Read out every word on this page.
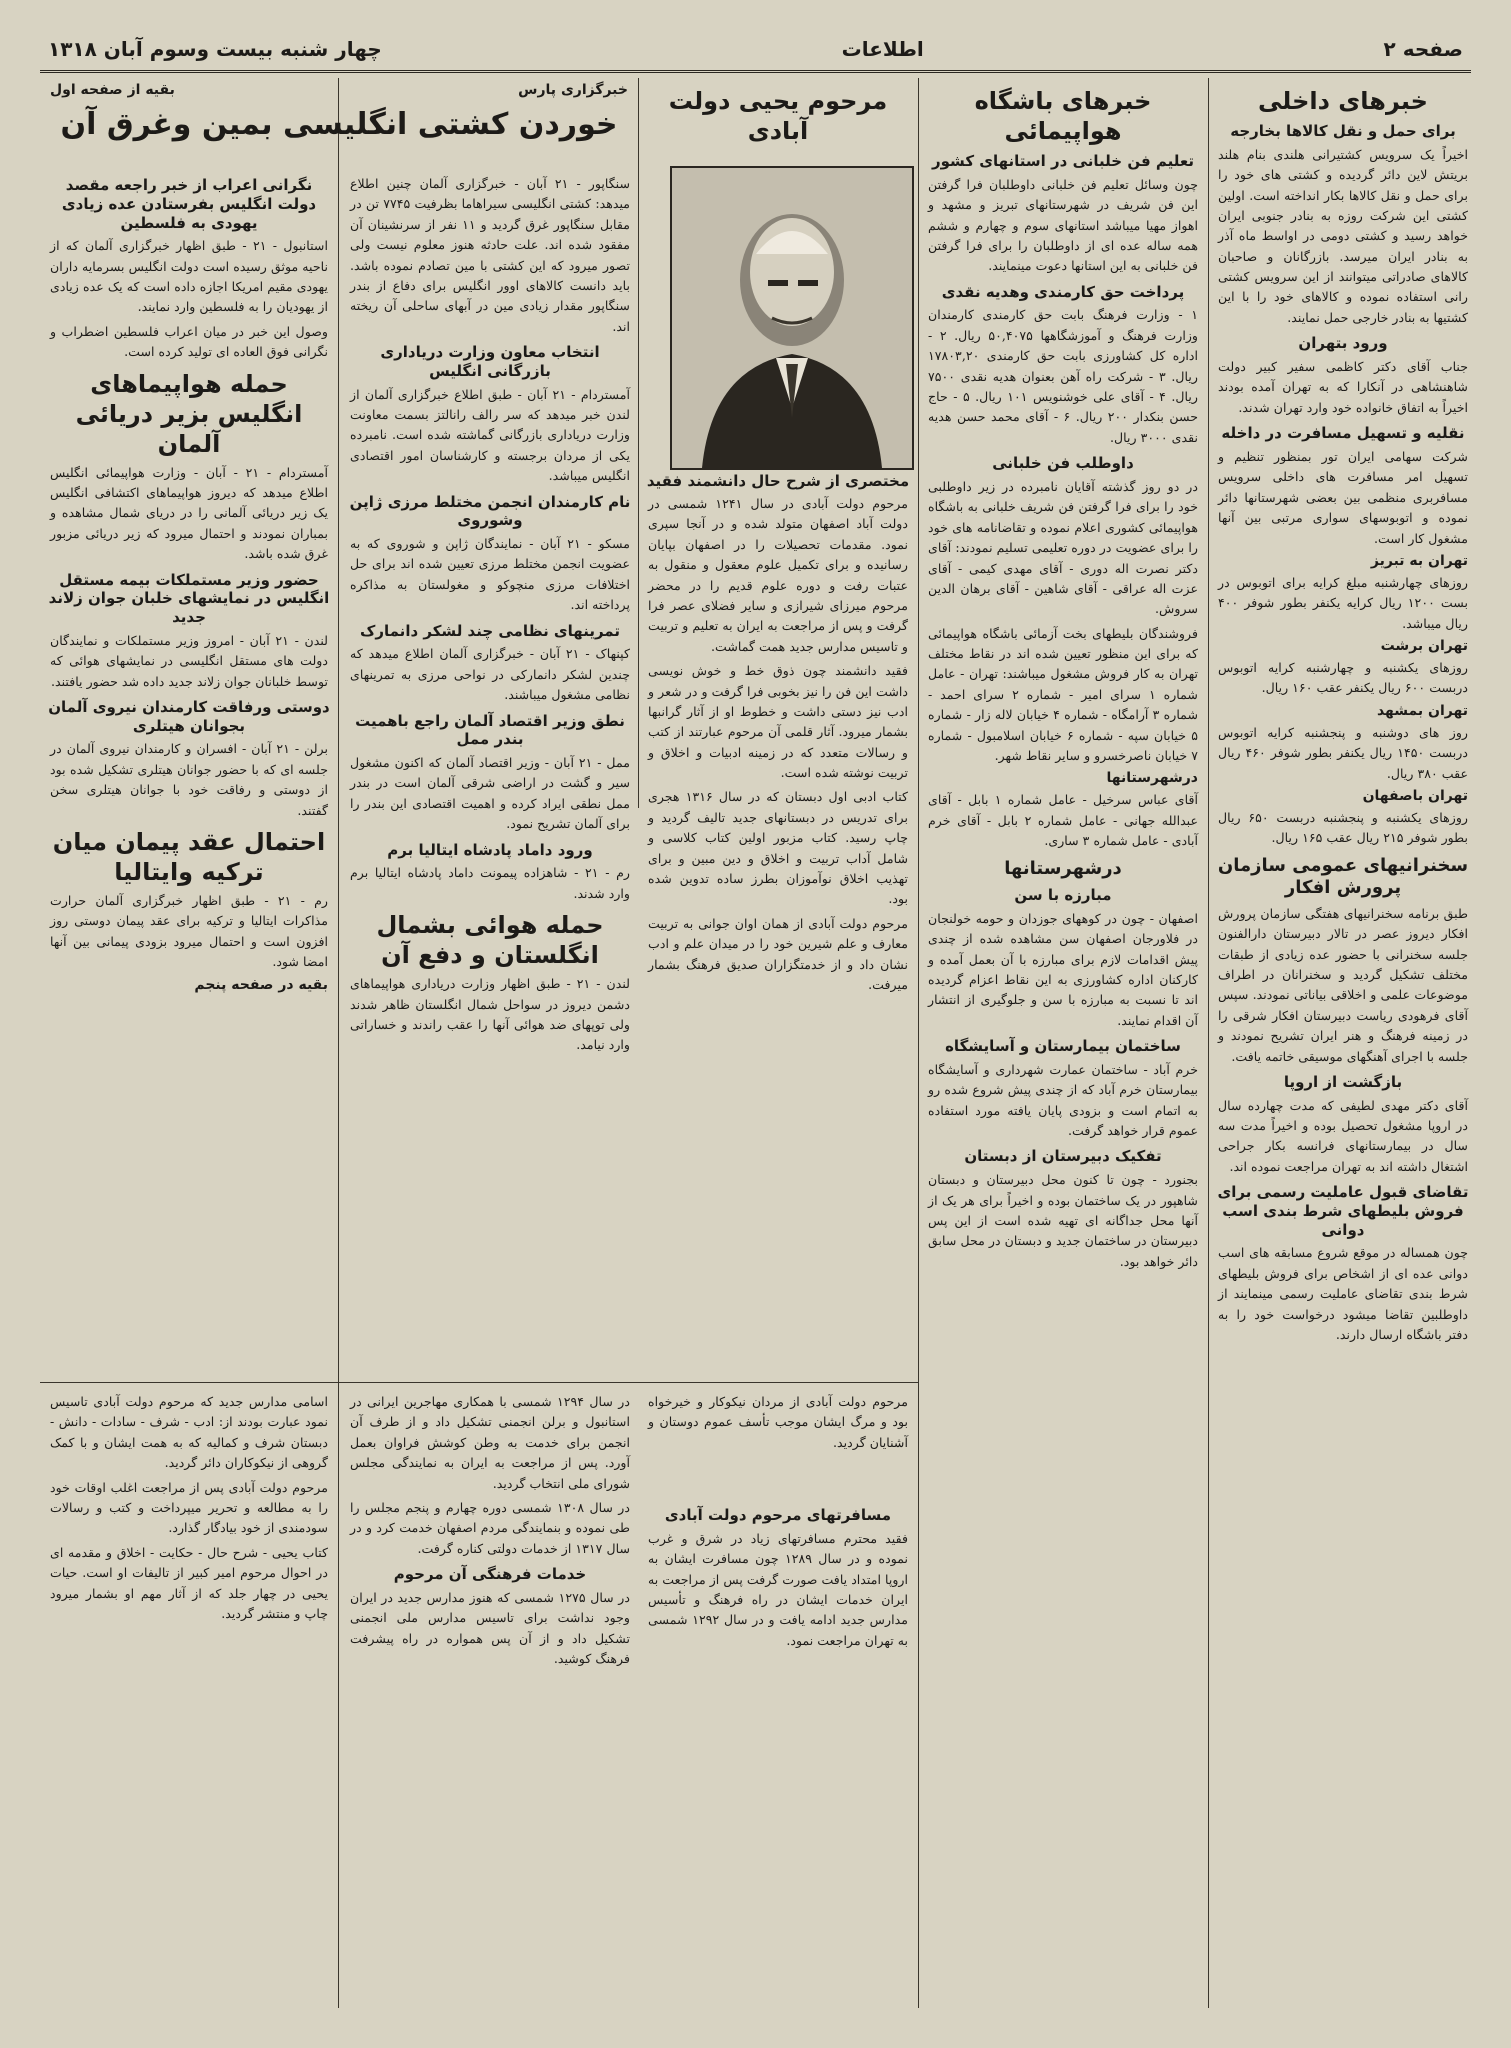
صفحه ۲
اطلاعات
چهار شنبه بیست وسوم آبان ۱۳۱۸
خبرهای داخلی
برای حمل و نقل کالاها بخارجه
اخیراً یک سرویس کشتیرانی هلندی بنام هلند بریتش لاین دائر گردیده و کشتی های خود را برای حمل و نقل کالاها بکار انداخته است. اولین کشتی این شرکت روزه به بنادر جنوبی ایران خواهد رسید و کشتی دومی در اواسط ماه آذر به بنادر ایران میرسد. بازرگانان و صاحبان کالاهای صادراتی میتوانند از این سرویس کشتی رانی استفاده نموده و کالاهای خود را با این کشتیها به بنادر خارجی حمل نمایند.
ورود بتهران
جناب آقای دکتر کاظمی سفیر کبیر دولت شاهنشاهی در آنکارا که به تهران آمده بودند اخیراً به اتفاق خانواده خود وارد تهران شدند.
نقلیه و تسهیل مسافرت در داخله
شرکت سهامی ایران تور بمنظور تنظیم و تسهیل امر مسافرت های داخلی سرویس مسافربری منظمی بین بعضی شهرستانها دائر نموده و اتوبوسهای سواری مرتبی بین آنها مشغول کار است.
تهران به تبریز
روزهای چهارشنبه مبلغ کرایه برای اتوبوس در بست ۱۲۰۰ ریال کرایه یکنفر بطور شوفر ۴۰۰ ریال میباشد.
تهران برشت
روزهای یکشنبه و چهارشنبه کرایه اتوبوس دربست ۶۰۰ ریال یکنفر عقب ۱۶۰ ریال.
تهران بمشهد
روز های دوشنبه و پنجشنبه کرایه اتوبوس دربست ۱۴۵۰ ریال یکنفر بطور شوفر ۴۶۰ ریال عقب ۳۸۰ ریال.
تهران باصفهان
روزهای یکشنبه و پنجشنبه دربست ۶۵۰ ریال بطور شوفر ۲۱۵ ریال عقب ۱۶۵ ریال.
سخنرانیهای عمومی سازمان پرورش افکار
طبق برنامه سخنرانیهای هفتگی سازمان پرورش افکار دیروز عصر در تالار دبیرستان دارالفنون جلسه سخنرانی با حضور عده زیادی از طبقات مختلف تشکیل گردید و سخنرانان در اطراف موضوعات علمی و اخلاقی بیاناتی نمودند. سپس آقای فرهودی ریاست دبیرستان افکار شرقی را در زمینه فرهنگ و هنر ایران تشریح نمودند و جلسه با اجرای آهنگهای موسیقی خاتمه یافت.
بازگشت از اروپا
آقای دکتر مهدی لطیفی که مدت چهارده سال در اروپا مشغول تحصیل بوده و اخیراً مدت سه سال در بیمارستانهای فرانسه بکار جراحی اشتغال داشته اند به تهران مراجعت نموده اند.
تقاضای قبول عاملیت رسمی برای فروش بلیطهای شرط بندی اسب دوانی
چون همساله در موقع شروع مسابقه های اسب دوانی عده ای از اشخاص برای فروش بلیطهای شرط بندی تقاضای عاملیت رسمی مینمایند از داوطلبین تقاضا میشود درخواست خود را به دفتر باشگاه ارسال دارند.
خبرهای باشگاه هواپیمائی
تعلیم فن خلبانی در استانهای کشور
چون وسائل تعلیم فن خلبانی داوطلبان فرا گرفتن این فن شریف در شهرستانهای تبریز و مشهد و اهواز مهیا میباشد استانهای سوم و چهارم و ششم همه ساله عده ای از داوطلبان را برای فرا گرفتن فن خلبانی به این استانها دعوت مینمایند.
پرداخت حق کارمندی وهدیه نقدی
۱ - وزارت فرهنگ بابت حق کارمندی کارمندان وزارت فرهنگ و آموزشگاهها ۵۰,۴۰۷۵ ریال. ۲ - اداره کل کشاورزی بابت حق کارمندی ۱۷۸۰۳,۲۰ ریال. ۳ - شرکت راه آهن بعنوان هدیه نقدی ۷۵۰۰ ریال. ۴ - آقای علی خوشنویس ۱۰۱ ریال. ۵ - حاج حسن بنکدار ۲۰۰ ریال. ۶ - آقای محمد حسن هدیه نقدی ۳۰۰۰ ریال.
داوطلب فن خلبانی
در دو روز گذشته آقایان نامبرده در زیر داوطلبی خود را برای فرا گرفتن فن شریف خلبانی به باشگاه هواپیمائی کشوری اعلام نموده و تقاضانامه های خود را برای عضویت در دوره تعلیمی تسلیم نمودند: آقای دکتر نصرت اله دوری - آقای مهدی کیمی - آقای عزت اله عراقی - آقای شاهین - آقای برهان الدین سروش.
فروشندگان بلیطهای بخت آزمائی باشگاه هواپیمائی که برای این منظور تعیین شده اند در نقاط مختلف تهران به کار فروش مشغول میباشند: تهران - عامل شماره ۱ سرای امیر - شماره ۲ سرای احمد - شماره ۳ آرامگاه - شماره ۴ خیابان لاله زار - شماره ۵ خیابان سپه - شماره ۶ خیابان اسلامبول - شماره ۷ خیابان ناصرخسرو و سایر نقاط شهر.
درشهرستانها
آقای عباس سرخیل - عامل شماره ۱ بابل - آقای عبدالله جهانی - عامل شماره ۲ بابل - آقای خرم آبادی - عامل شماره ۳ ساری.
درشهرستانها
مبارزه با سن
اصفهان - چون در کوههای جوزدان و حومه خولنجان در فلاورجان اصفهان سن مشاهده شده از چندی پیش اقدامات لازم برای مبارزه با آن بعمل آمده و کارکنان اداره کشاورزی به این نقاط اعزام گردیده اند تا نسبت به مبارزه با سن و جلوگیری از انتشار آن اقدام نمایند.
ساختمان بیمارستان و آسایشگاه
خرم آباد - ساختمان عمارت شهرداری و آسایشگاه بیمارستان خرم آباد که از چندی پیش شروع شده رو به اتمام است و بزودی پایان یافته مورد استفاده عموم قرار خواهد گرفت.
تفکیک دبیرستان از دبستان
بجنورد - چون تا کنون محل دبیرستان و دبستان شاهپور در یک ساختمان بوده و اخیراً برای هر یک از آنها محل جداگانه ای تهیه شده است از این پس دبیرستان در ساختمان جدید و دبستان در محل سابق دائر خواهد بود.
مرحوم یحیی دولت آبادی
مختصری از شرح حال دانشمند فقید
مرحوم دولت آبادی در سال ۱۲۴۱ شمسی در دولت آباد اصفهان متولد شده و در آنجا سپری نمود. مقدمات تحصیلات را در اصفهان بپایان رسانیده و برای تکمیل علوم معقول و منقول به عتبات رفت و دوره علوم قدیم را در محضر مرحوم میرزای شیرازی و سایر فضلای عصر فرا گرفت و پس از مراجعت به ایران به تعلیم و تربیت و تاسیس مدارس جدید همت گماشت.
فقید دانشمند چون ذوق خط و خوش نویسی داشت این فن را نیز بخوبی فرا گرفت و در شعر و ادب نیز دستی داشت و خطوط او از آثار گرانبها بشمار میرود. آثار قلمی آن مرحوم عبارتند از کتب و رسالات متعدد که در زمینه ادبیات و اخلاق و تربیت نوشته شده است.
کتاب ادبی اول دبستان که در سال ۱۳۱۶ هجری برای تدریس در دبستانهای جدید تالیف گردید و چاپ رسید. کتاب مزبور اولین کتاب کلاسی و شامل آداب تربیت و اخلاق و دین مبین و برای تهذیب اخلاق نوآموزان بطرز ساده تدوین شده بود.
مرحوم دولت آبادی از همان اوان جوانی به تربیت معارف و علم شیرین خود را در میدان علم و ادب نشان داد و از خدمتگزاران صدیق فرهنگ بشمار میرفت.
مسافرتهای مرحوم دولت آبادی
فقید محترم مسافرتهای زیاد در شرق و غرب نموده و در سال ۱۲۸۹ چون مسافرت ایشان به اروپا امتداد یافت صورت گرفت پس از مراجعت به ایران خدمات ایشان در راه فرهنگ و تأسیس مدارس جدید ادامه یافت و در سال ۱۲۹۲ شمسی به تهران مراجعت نمود.
خبرگزاری پارس
بقیه از صفحه اول
خوردن کشتی انگلیسی بمین وغرق آن
سنگاپور - ۲۱ آبان - خبرگزاری آلمان چنین اطلاع میدهد: کشتی انگلیسی سیراهاما بظرفیت ۷۷۴۵ تن در مقابل سنگاپور غرق گردید و ۱۱ نفر از سرنشینان آن مفقود شده اند. علت حادثه هنوز معلوم نیست ولی تصور میرود که این کشتی با مین تصادم نموده باشد. باید دانست کالاهای اوور انگلیس برای دفاع از بندر سنگاپور مقدار زیادی مین در آبهای ساحلی آن ریخته اند.
انتخاب معاون وزارت دریاداری بازرگانی انگلیس
آمستردام - ۲۱ آبان - طبق اطلاع خبرگزاری آلمان از لندن خبر میدهد که سر رالف رانالتز بسمت معاونت وزارت دریاداری بازرگانی گماشته شده است. نامبرده یکی از مردان برجسته و کارشناسان امور اقتصادی انگلیس میباشد.
نام کارمندان انجمن مختلط مرزی ژاپن وشوروی
مسکو - ۲۱ آبان - نمایندگان ژاپن و شوروی که به عضویت انجمن مختلط مرزی تعیین شده اند برای حل اختلافات مرزی منچوکو و مغولستان به مذاکره پرداخته اند.
تمرینهای نظامی چند لشکر دانمارک
کپنهاک - ۲۱ آبان - خبرگزاری آلمان اطلاع میدهد که چندین لشکر دانمارکی در نواحی مرزی به تمرینهای نظامی مشغول میباشند.
نطق وزیر اقتصاد آلمان راجع باهمیت بندر ممل
ممل - ۲۱ آبان - وزیر اقتصاد آلمان که اکنون مشغول سیر و گشت در اراضی شرقی آلمان است در بندر ممل نطقی ایراد کرده و اهمیت اقتصادی این بندر را برای آلمان تشریح نمود.
ورود داماد پادشاه ایتالیا برم
رم - ۲۱ - شاهزاده پیمونت داماد پادشاه ایتالیا برم وارد شدند.
حمله هوائی بشمال انگلستان و دفع آن
لندن - ۲۱ - طبق اظهار وزارت دریاداری هواپیماهای دشمن دیروز در سواحل شمال انگلستان ظاهر شدند ولی توپهای ضد هوائی آنها را عقب راندند و خساراتی وارد نیامد.
نگرانی اعراب از خبر راجعه مقصد دولت انگلیس بفرستادن عده زیادی یهودی به فلسطین
استانبول - ۲۱ - طبق اظهار خبرگزاری آلمان که از ناحیه موثق رسیده است دولت انگلیس بسرمایه داران یهودی مقیم امریکا اجازه داده است که یک عده زیادی از یهودیان را به فلسطین وارد نمایند.
وصول این خبر در میان اعراب فلسطین اضطراب و نگرانی فوق العاده ای تولید کرده است.
حمله هواپیماهای انگلیس بزیر دریائی آلمان
آمستردام - ۲۱ - آبان - وزارت هواپیمائی انگلیس اطلاع میدهد که دیروز هواپیماهای اکتشافی انگلیس یک زیر دریائی آلمانی را در دریای شمال مشاهده و بمباران نمودند و احتمال میرود که زیر دریائی مزبور غرق شده باشد.
حضور وزیر مستملکات بیمه مستقل انگلیس در نمایشهای خلبان جوان زلاند جدید
لندن - ۲۱ آبان - امروز وزیر مستملکات و نمایندگان دولت های مستقل انگلیسی در نمایشهای هوائی که توسط خلبانان جوان زلاند جدید داده شد حضور یافتند.
دوستی ورفاقت کارمندان نیروی آلمان بجوانان هیتلری
برلن - ۲۱ آبان - افسران و کارمندان نیروی آلمان در جلسه ای که با حضور جوانان هیتلری تشکیل شده بود از دوستی و رفاقت خود با جوانان هیتلری سخن گفتند.
احتمال عقد پیمان میان ترکیه وایتالیا
رم - ۲۱ - طبق اظهار خبرگزاری آلمان حرارت مذاکرات ایتالیا و ترکیه برای عقد پیمان دوستی روز افزون است و احتمال میرود بزودی پیمانی بین آنها امضا شود.
بقیه در صفحه پنجم
مرحوم دولت آبادی از مردان نیکوکار و خیرخواه بود و مرگ ایشان موجب تأسف عموم دوستان و آشنایان گردید.
در سال ۱۲۹۴ شمسی با همکاری مهاجرین ایرانی در استانبول و برلن انجمنی تشکیل داد و از طرف آن انجمن برای خدمت به وطن کوشش فراوان بعمل آورد. پس از مراجعت به ایران به نمایندگی مجلس شورای ملی انتخاب گردید.
در سال ۱۳۰۸ شمسی دوره چهارم و پنجم مجلس را طی نموده و بنمایندگی مردم اصفهان خدمت کرد و در سال ۱۳۱۷ از خدمات دولتی کناره گرفت.
خدمات فرهنگی آن مرحوم
در سال ۱۲۷۵ شمسی که هنوز مدارس جدید در ایران وجود نداشت برای تاسیس مدارس ملی انجمنی تشکیل داد و از آن پس همواره در راه پیشرفت فرهنگ کوشید.
اسامی مدارس جدید که مرحوم دولت آبادی تاسیس نمود عبارت بودند از: ادب - شرف - سادات - دانش - دبستان شرف و کمالیه که به همت ایشان و با کمک گروهی از نیکوکاران دائر گردید.
مرحوم دولت آبادی پس از مراجعت اغلب اوقات خود را به مطالعه و تحریر میپرداخت و کتب و رسالات سودمندی از خود بیادگار گذارد.
کتاب یحیی - شرح حال - حکایت - اخلاق و مقدمه ای در احوال مرحوم امیر کبیر از تالیفات او است. حیات یحیی در چهار جلد که از آثار مهم او بشمار میرود چاپ و منتشر گردید.
